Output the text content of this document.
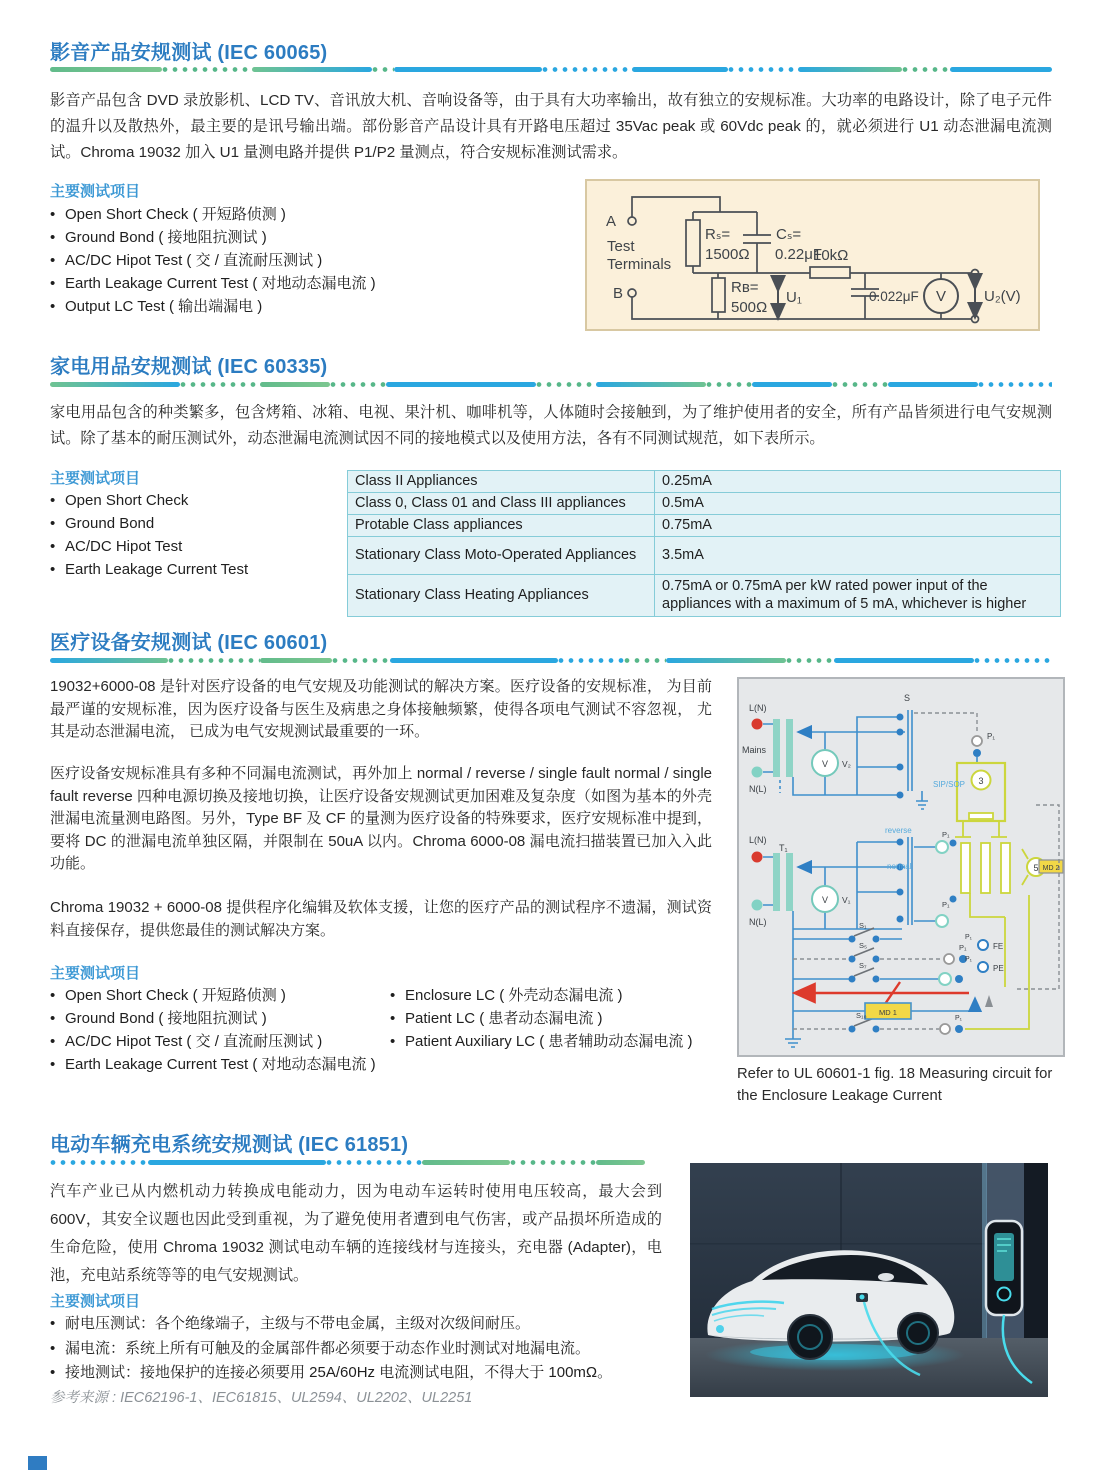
影音产品安规测试 (IEC 60065)
影音产品包含 DVD 录放影机、LCD TV、音讯放大机、音响设备等，由于具有大功率输出，故有独立的安规标准。大功率的电路设计，除了电子元件的温升以及散热外，最主要的是讯号输出端。部份影音产品设计具有开路电压超过 35Vac peak 或 60Vdc peak 的，就必须进行 U1 动态泄漏电流测试。Chroma 19032 加入 U1 量测电路并提供 P1/P2 量测点，符合安规标准测试需求。
主要测试项目
• Open Short Check ( 开短路侦测 )
• Ground Bond ( 接地阻抗测试 )
• AC/DC Hipot Test ( 交 / 直流耐压测试 )
• Earth Leakage Current Test ( 对地动态漏电流 )
• Output LC Test ( 输出端漏电 )
A
Test
Terminals
B
Rₛ=
1500Ω
Cₛ=
0.22μF
10kΩ
Rʙ=
500Ω
U₁	0.022μF V	U₂(V)
家电用品安规测试 (IEC 60335)
家电用品包含的种类繁多，包含烤箱、冰箱、电视、果汁机、咖啡机等，人体随时会接触到，为了维护使用者的安全，所有产品皆须进行电气安规测试。除了基本的耐压测试外，动态泄漏电流测试因不同的接地模式以及使用方法，各有不同测试规范，如下表所示。
主要测试项目
• Open Short Check
• Ground Bond
• AC/DC Hipot Test
• Earth Leakage Current Test
Class II Appliances	0.25mA
Class 0, Class 01 and Class III appliances	0.5mA
Protable Class appliances	0.75mA
Stationary Class Moto-Operated Appliances	3.5mA
Stationary Class Heating Appliances	0.75mA or 0.75mA per kW rated power input of the appliances with a maximum of 5 mA, whichever is higher
医疗设备安规测试 (IEC 60601)
19032+6000-08 是针对医疗设备的电气安规及功能测试的解决方案。医疗设备的安规标准， 为目前最严谨的安规标准，因为医疗设备与医生及病患之身体接触频繁，使得各项电气测试不容忽视， 尤其是动态泄漏电流， 已成为电气安规测试最重要的一环。
医疗设备安规标准具有多种不同漏电流测试，再外加上 normal / reverse / single fault normal / single fault reverse 四种电源切换及接地切换，让医疗设备安规测试更加困难及复杂度（如图为基本的外壳泄漏电流量测电路图。另外，Type BF 及 CF 的量测为医疗设备的特殊要求，医疗安规标准中提到，要将 DC 的泄漏电流单独区隔，并限制在 50uA 以内。Chroma 6000-08 漏电流扫描装置已加入入此功能。
Chroma 19032 + 6000-08 提供程序化编辑及软体支援，让您的医疗产品的测试程序不遗漏，测试资料直接保存，提供您最佳的测试解决方案。
主要测试项目
• Open Short Check ( 开短路侦测 )
• Ground Bond ( 接地阻抗测试 )
• AC/DC Hipot Test ( 交 / 直流耐压测试 )
• Earth Leakage Current Test ( 对地动态漏电流 )
• Enclosure LC ( 外壳动态漏电流 )
• Patient LC ( 患者动态漏电流 )
• Patient Auxiliary LC ( 患者辅助动态漏电流 )
L(N)
Mains
N(L)
V V₂
S
P₁
3
5 MD 2
MD 1
L(N)
T₁
N(L)
V V₁
S₁
S₅
S₇
S₁₀
P₁
P₁
P₁
P₁
P₁
P₁
FE
PE
reverse
normal
SIP/SOP
Refer to UL 60601-1 fig. 18 Measuring circuit for the Enclosure Leakage Current
电动车辆充电系统安规测试 (IEC 61851)
汽车产业已从内燃机动力转换成电能动力，因为电动车运转时使用电压较高，最大会到 600V，其安全议题也因此受到重视，为了避免使用者遭到电气伤害，或产品损坏所造成的生命危险，使用 Chroma 19032 测试电动车辆的连接线材与连接头，充电器 (Adapter)，电池，充电站系统等等的电气安规测试。
主要测试项目
• 耐电压测试：各个绝缘端子，主级与不带电金属，主级对次级间耐压。
• 漏电流：系统上所有可触及的金属部件都必须要于动态作业时测试对地漏电流。
• 接地测试：接地保护的连接必须要用 25A/60Hz 电流测试电阻，不得大于 100mΩ。
参考来源 : IEC62196-1、IEC61815、UL2594、UL2202、UL2251
